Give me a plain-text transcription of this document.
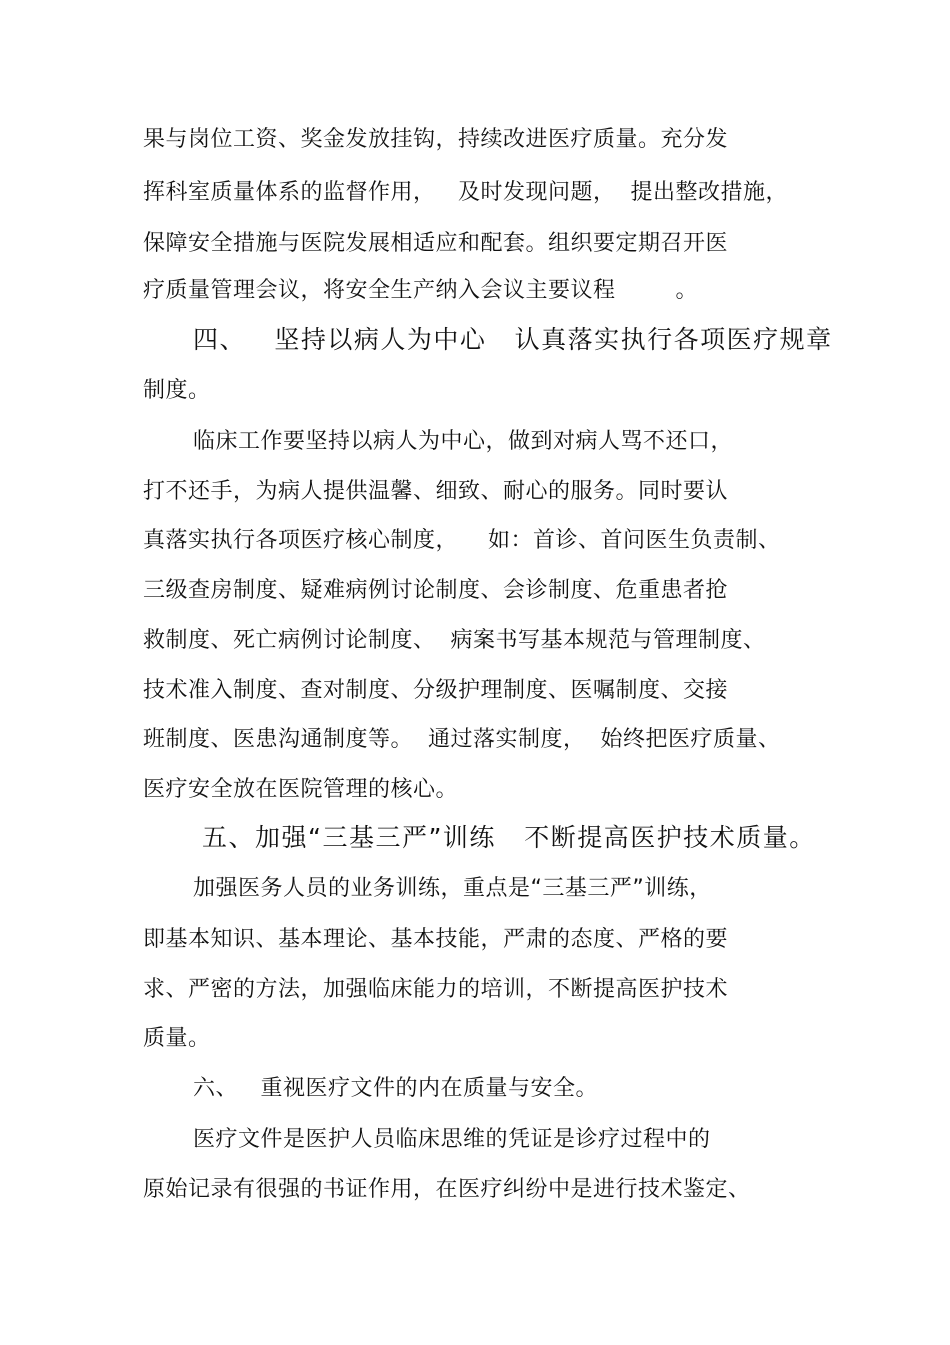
果与岗位工资、奖金发放挂钩，持续改进医疗质量。充分发
挥科室质量体系的监督作用，   及时发现问题，  提出整改措施，
保障安全措施与医院发展相适应和配套。组织要定期召开医
疗质量管理会议，将安全生产纳入会议主要议程        。
四、   坚持以病人为中心   认真落实执行各项医疗规章
制度。
临床工作要坚持以病人为中心，做到对病人骂不还口，
打不还手，为病人提供温馨、细致、耐心的服务。同时要认
真落实执行各项医疗核心制度，    如：首诊、首问医生负责制、
三级查房制度、疑难病例讨论制度、会诊制度、危重患者抢
救制度、死亡病例讨论制度、  病案书写基本规范与管理制度、
技术准入制度、查对制度、分级护理制度、医嘱制度、交接
班制度、医患沟通制度等。  通过落实制度，  始终把医疗质量、
医疗安全放在医院管理的核心。
五、加强“三基三严”训练   不断提高医护技术质量。
加强医务人员的业务训练，重点是“三基三严”训练，
即基本知识、基本理论、基本技能，严肃的态度、严格的要
求、严密的方法，加强临床能力的培训，不断提高医护技术
质量。
六、   重视医疗文件的内在质量与安全。
医疗文件是医护人员临床思维的凭证是诊疗过程中的
原始记录有很强的书证作用，在医疗纠纷中是进行技术鉴定、
